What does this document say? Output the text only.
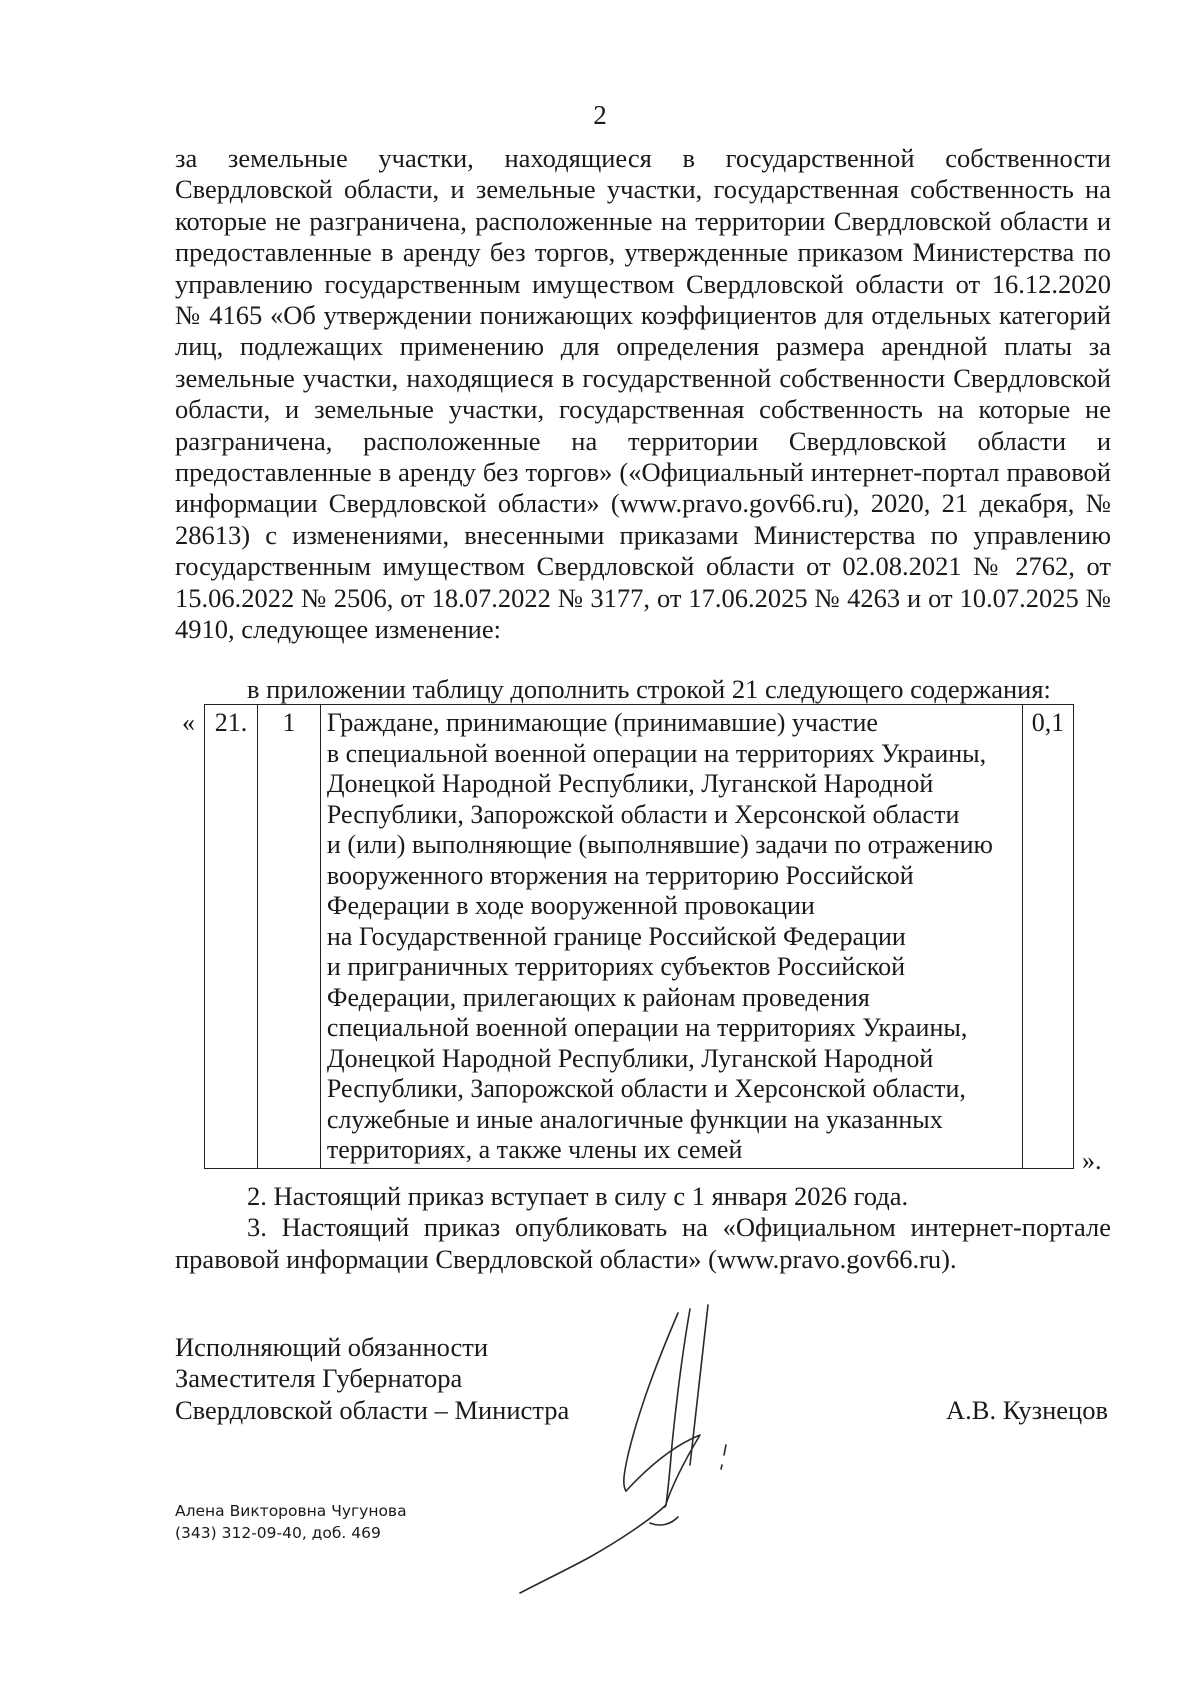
2

за земельные участки, находящиеся в государственной собственности Свердловской области, и земельные участки, государственная собственность на которые не разграничена, расположенные на территории Свердловской области и предоставленные в аренду без торгов, утвержденные приказом Министерства по управлению государственным имуществом Свердловской области от 16.12.2020 № 4165 «Об утверждении понижающих коэффициентов для отдельных категорий лиц, подлежащих применению для определения размера арендной платы за земельные участки, находящиеся в государственной собственности Свердловской области, и земельные участки, государственная собственность на которые не разграничена, расположенные на территории Свердловской области и предоставленные в аренду без торгов» («Официальный интернет-портал правовой информации Свердловской области» (www.pravo.gov66.ru), 2020, 21 декабря, № 28613) с изменениями, внесенными приказами Министерства по управлению государственным имуществом Свердловской области от 02.08.2021 № 2762, от 15.06.2022 № 2506, от 18.07.2022 № 3177, от 17.06.2025 № 4263 и от 10.07.2025 № 4910, следующее изменение:

в приложении таблицу дополнить строкой 21 следующего содержания:
« 21.	1	Граждане, принимающие (принимавшие) участие
в специальной военной операции на территориях Украины,
Донецкой Народной Республики, Луганской Народной
Республики, Запорожской области и Херсонской области
и (или) выполняющие (выполнявшие) задачи по отражению
вооруженного вторжения на территорию Российской
Федерации в ходе вооруженной провокации
на Государственной границе Российской Федерации
и приграничных территориях субъектов Российской
Федерации, прилегающих к районам проведения
специальной военной операции на территориях Украины,
Донецкой Народной Республики, Луганской Народной
Республики, Запорожской области и Херсонской области,
служебные и иные аналогичные функции на указанных
территориях, а также члены их семей
	0,1
».

2. Настоящий приказ вступает в силу с 1 января 2026 года.

3. Настоящий приказ опубликовать на «Официальном интернет-портале правовой информации Свердловской области» (www.pravo.gov66.ru).

Исполняющий обязанности
Заместителя Губернатора
Свердловской области – Министра	А.В. Кузнецов
Алена Викторовна Чугунова
(343) 312-09-40, доб. 469
